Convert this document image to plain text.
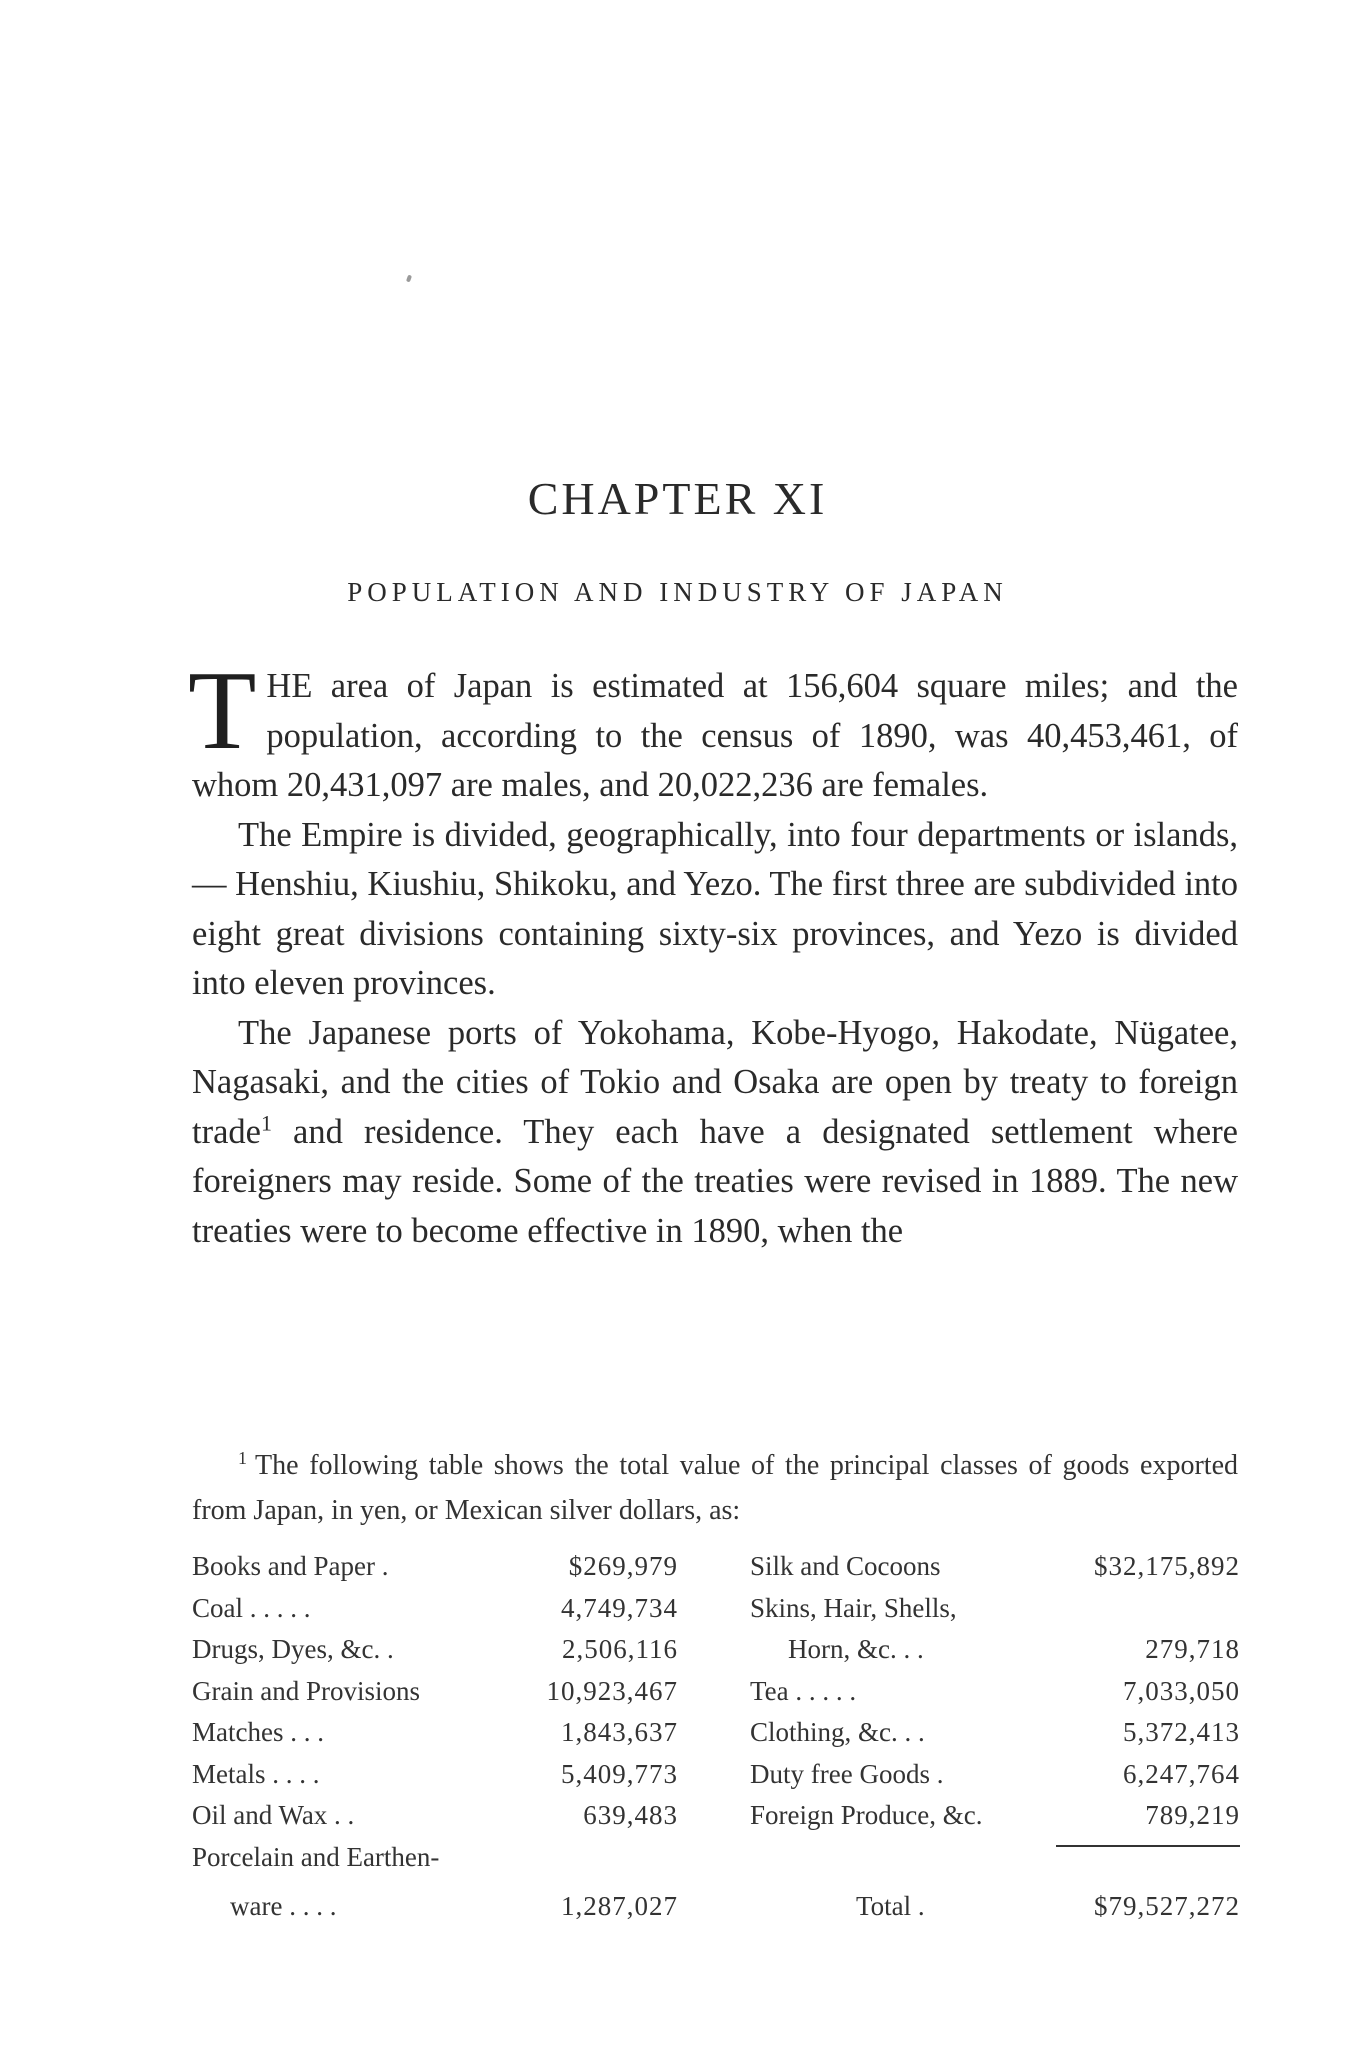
CHAPTER XI
POPULATION AND INDUSTRY OF JAPAN

THE area of Japan is estimated at 156,604 square miles; and the population, according to the census of 1890, was 40,453,461, of whom 20,431,097 are males, and 20,022,236 are females.

The Empire is divided, geographically, into four departments or islands, — Henshiu, Kiushiu, Shikoku, and Yezo. The first three are subdivided into eight great divisions containing sixty-six provinces, and Yezo is divided into eleven provinces.

The Japanese ports of Yokohama, Kobe-Hyogo, Hakodate, Nügatee, Nagasaki, and the cities of Tokio and Osaka are open by treaty to foreign trade$^1$ and residence. They each have a designated settlement where foreigners may reside. Some of the treaties were revised in 1889. The new treaties were to become effective in 1890, when the

$^1$ The following table shows the total value of the principal classes of goods exported from Japan, in yen, or Mexican silver dollars, as:

Books and Paper .	$269,979
Coal . . . . .	4,749,734
Drugs, Dyes, &c. .	2,506,116
Grain and Provisions	10,923,467
Matches . . .	1,843,637
Metals . . . .	5,409,773
Oil and Wax . .	639,483
Porcelain and Earthen-
ware . . . .	1,287,027
Silk and Cocoons	$32,175,892
Skins, Hair, Shells,
Horn, &c. . .	279,718
Tea . . . . .	7,033,050
Clothing, &c. . .	5,372,413
Duty free Goods .	6,247,764
Foreign Produce, &c.	789,219
Total .	$79,527,272
